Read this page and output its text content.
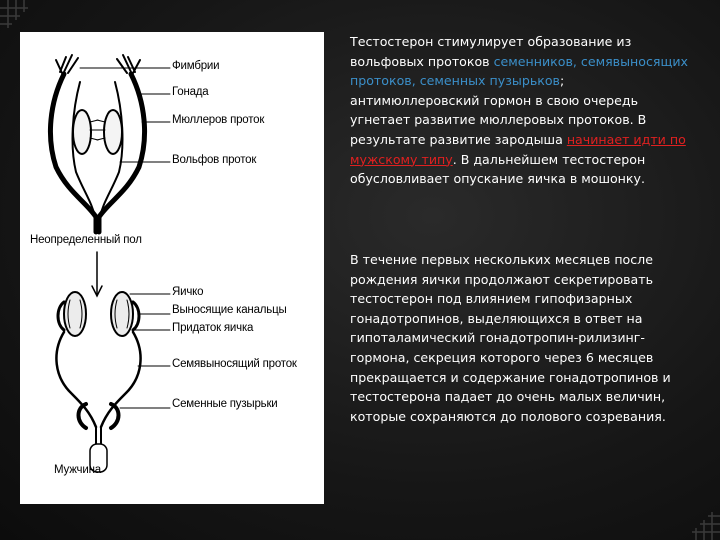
Фимбрии
Гонада
Мюллеров проток
Вольфов проток
Неопределенный пол
Яичко
Выносящие канальцы
Придаток яичка
Семявыносящий проток
Семенные пузырьки
Мужчина
Тестостерон стимулирует образование из вольфовых протоков семенников, семявыносящих протоков, семенных пузырьков; антимюллеровский гормон в свою очередь угнетает развитие мюллеровых протоков. В результате развитие зародыша начинает идти по мужскому типу. В дальнейшем тестостерон обусловливает опускание яичка в мошонку.
В течение первых нескольких месяцев после рождения яички продолжают секретировать тестостерон под влиянием гипофизарных гонадотропинов, выделяющихся в ответ на гипоталамический гонадотропин-рилизинг-гормона, секреция которого через 6 месяцев прекращается и содержание гонадотропинов и тестостерона падает до очень малых величин, которые сохраняются до полового созревания.
